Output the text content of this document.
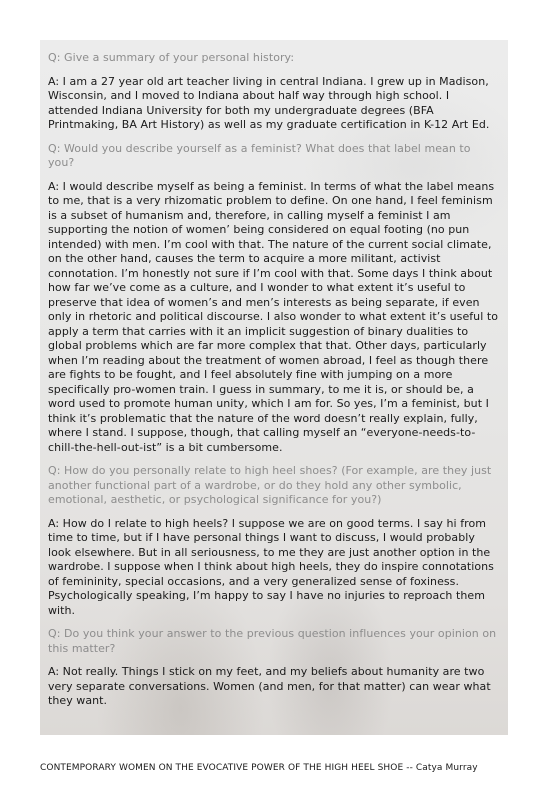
Q: Give a summary of your personal history:

A: I am a 27 year old art teacher living in central Indiana. I grew up in Madison, Wisconsin, and I moved to Indiana about half way through high school. I attended Indiana University for both my undergraduate degrees (BFA Printmaking, BA Art History) as well as my graduate certification in K-12 Art Ed.

Q: Would you describe yourself as a feminist? What does that label mean to you?

A: I would describe myself as being a feminist. In terms of what the label means to me, that is a very rhizomatic problem to define. On one hand, I feel feminism is a subset of humanism and, therefore, in calling myself a feminist I am supporting the notion of women’ being considered on equal footing (no pun intended) with men. I’m cool with that. The nature of the current social climate, on the other hand, causes the term to acquire a more militant, activist connotation. I’m honestly not sure if I’m cool with that. Some days I think about how far we’ve come as a culture, and I wonder to what extent it’s useful to preserve that idea of women’s and men’s interests as being separate, if even only in rhetoric and political discourse. I also wonder to what extent it’s useful to apply a term that carries with it an implicit suggestion of binary dualities to global problems which are far more complex that that. Other days, particularly when I’m reading about the treatment of women abroad, I feel as though there are fights to be fought, and I feel absolutely fine with jumping on a more specifically pro-women train. I guess in summary, to me it is, or should be, a word used to promote human unity, which I am for. So yes, I’m a feminist, but I think it’s problematic that the nature of the word doesn’t really explain, fully, where I stand. I suppose, though, that calling myself an “everyone-needs-to-chill-the-hell-out-ist” is a bit cumbersome.

Q: How do you personally relate to high heel shoes? (For example, are they just another functional part of a wardrobe, or do they hold any other symbolic, emotional, aesthetic, or psychological significance for you?)

A: How do I relate to high heels? I suppose we are on good terms. I say hi from time to time, but if I have personal things I want to discuss, I would probably look elsewhere. But in all seriousness, to me they are just another option in the wardrobe. I suppose when I think about high heels, they do inspire connotations of femininity, special occasions, and a very generalized sense of foxiness. Psychologically speaking, I’m happy to say I have no injuries to reproach them with.

Q: Do you think your answer to the previous question influences your opinion on this matter?

A: Not really. Things I stick on my feet, and my beliefs about humanity are two very separate conversations. Women (and men, for that matter) can wear what they want.

CONTEMPORARY WOMEN ON THE EVOCATIVE POWER OF THE HIGH HEEL SHOE -- Catya Murray
